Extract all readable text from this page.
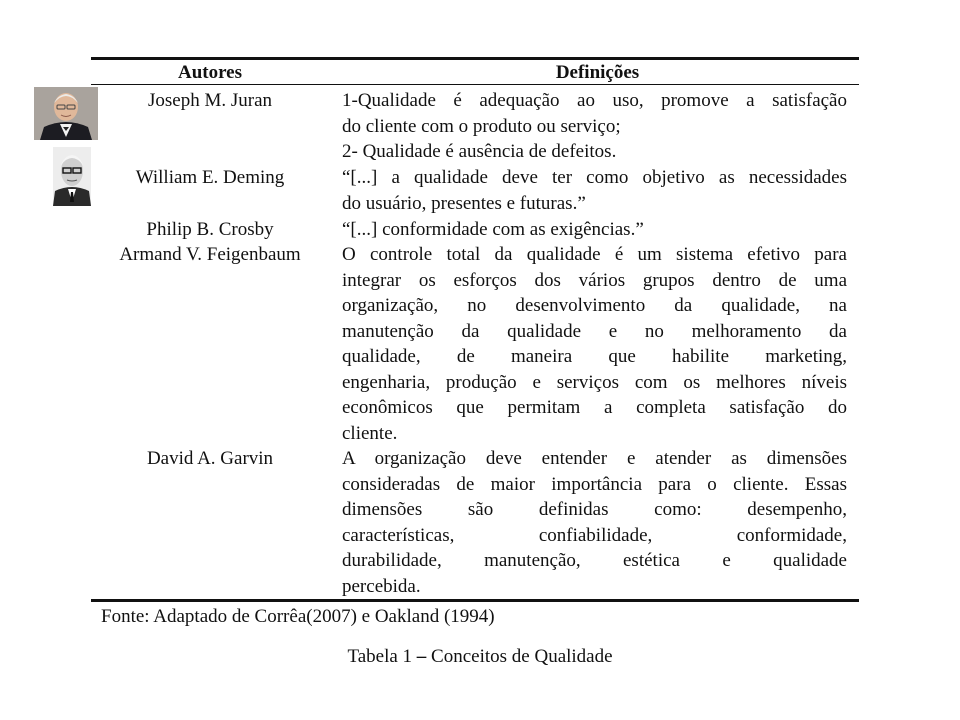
Autores	Definições
Joseph M. Juran	1-Qualidade é adequação ao uso, promove a satisfação
do cliente com o produto ou serviço;
2- Qualidade é ausência de defeitos.
William E. Deming	“[...] a qualidade deve ter como objetivo as necessidades
do usuário, presentes e futuras.”
Philip B. Crosby	“[...] conformidade com as exigências.”
Armand V. Feigenbaum	O controle total da qualidade é um sistema efetivo para
integrar os esforços dos vários grupos dentro de uma
organização, no desenvolvimento da qualidade, na
manutenção da qualidade e no melhoramento da
qualidade, de maneira que habilite marketing,
engenharia, produção e serviços com os melhores níveis
econômicos que permitam a completa satisfação do
cliente.
David A. Garvin	A organização deve entender e atender as dimensões
consideradas de maior importância para o cliente. Essas
dimensões são definidas como: desempenho,
características, confiabilidade, conformidade,
durabilidade, manutenção, estética e qualidade
percebida.
Fonte: Adaptado de Corrêa(2007) e Oakland (1994)
Tabela 1 – Conceitos de Qualidade
